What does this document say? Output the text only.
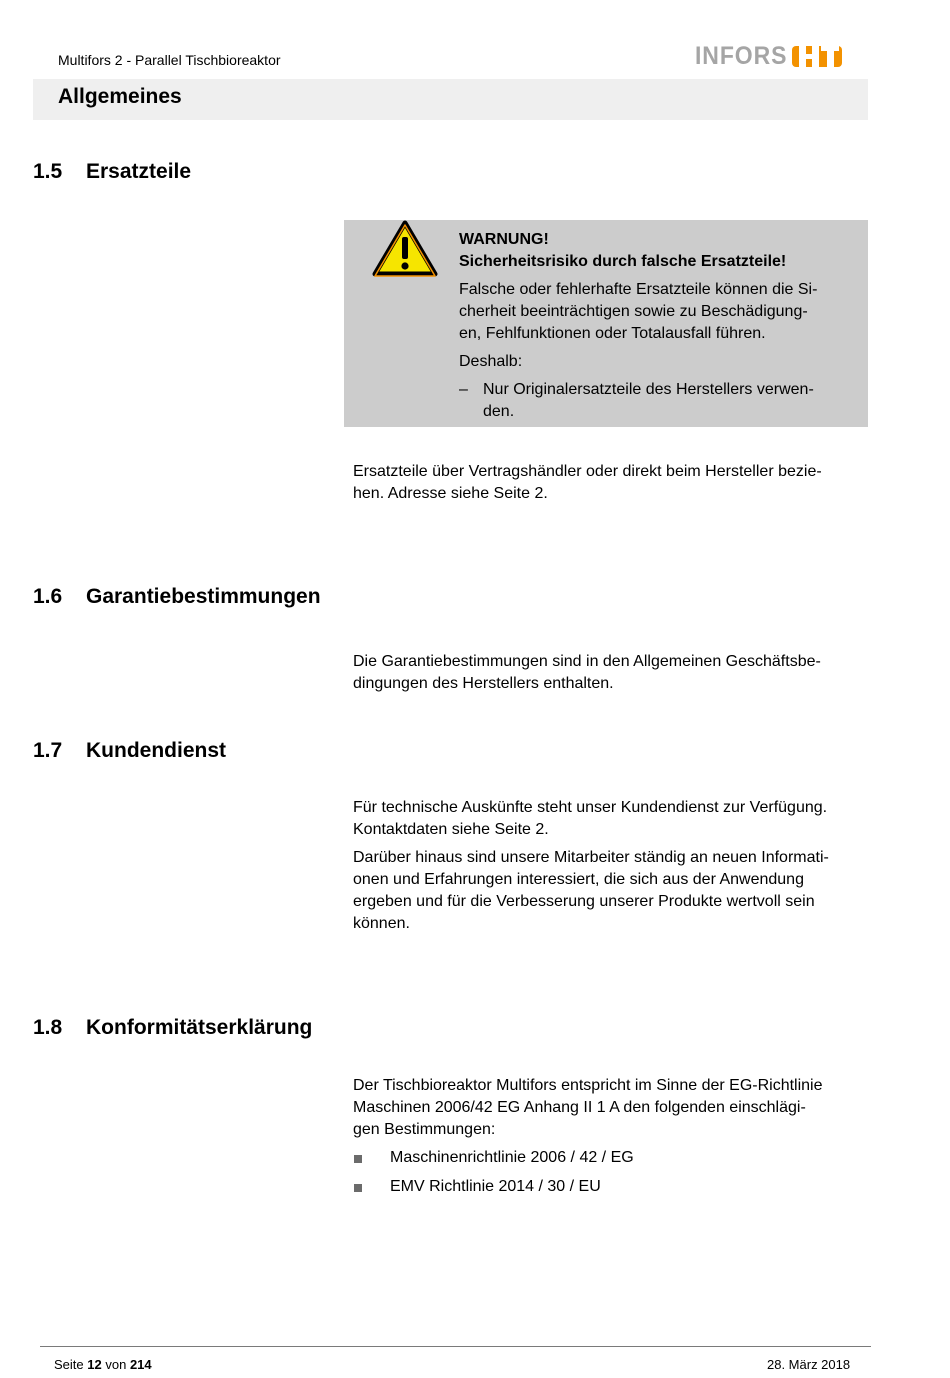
Multifors 2 - Parallel Tischbioreaktor	INFORS
Allgemeines
1.5 Ersatzteile
WARNUNG!

Sicherheitsrisiko durch falsche Ersatzteile!

Falsche oder fehlerhafte Ersatzteile können die Si-
cherheit beeinträchtigen sowie zu Beschädigung-
en, Fehlfunktionen oder Totalausfall führen.

Deshalb:

– Nur Originalersatzteile des Herstellers verwen-
den.

Ersatzteile über Vertragshändler oder direkt beim Hersteller bezie-
hen. Adresse siehe Seite 2.

1.6 Garantiebestimmungen

Die Garantiebestimmungen sind in den Allgemeinen Geschäftsbe-
dingungen des Herstellers enthalten.

1.7 Kundendienst

Für technische Auskünfte steht unser Kundendienst zur Verfügung.
Kontaktdaten siehe Seite 2.

Darüber hinaus sind unsere Mitarbeiter ständig an neuen Informati-
onen und Erfahrungen interessiert, die sich aus der Anwendung
ergeben und für die Verbesserung unserer Produkte wertvoll sein
können.

1.8 Konformitätserklärung

Der Tischbioreaktor Multifors entspricht im Sinne der EG-Richtlinie
Maschinen 2006/42 EG Anhang II 1 A den folgenden einschlägi-
gen Bestimmungen:

Maschinenrichtlinie 2006 / 42 / EG
EMV Richtlinie 2014 / 30 / EU
Seite 12 von 214	28. März 2018
